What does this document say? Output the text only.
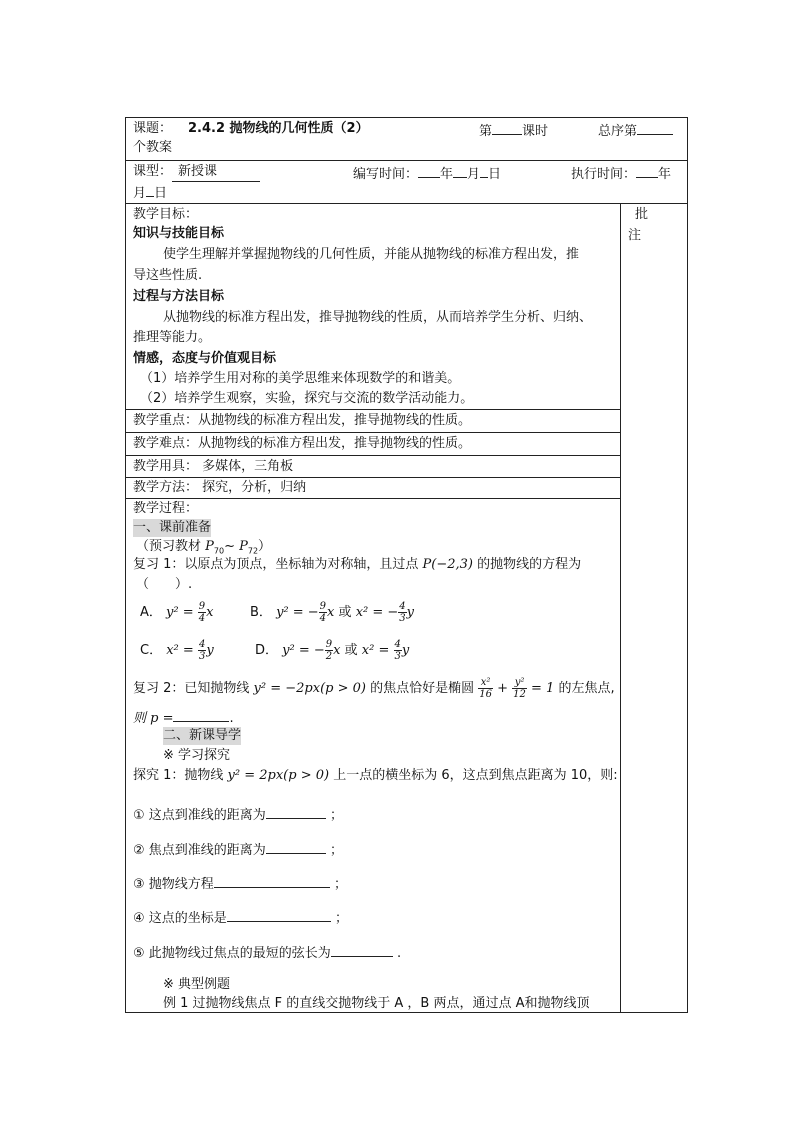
课题： 2.4.2 抛物线的几何性质（2）	第 课时	总序第
个教案
课型： 新授课	编写时间： 年 月 日	执行时间： 年
月 日
批
注
教学目标：
知识与技能目标
使学生理解并掌握抛物线的几何性质，并能从抛物线的标准方程出发，推
导这些性质.
过程与方法目标
从抛物线的标准方程出发，推导抛物线的性质，从而培养学生分析、归纳、
推理等能力。
情感，态度与价值观目标
（1）培养学生用对称的美学思维来体现数学的和谐美。
（2）培养学生观察，实验，探究与交流的数学活动能力。
教学重点：从抛物线的标准方程出发，推导抛物线的性质。
教学难点：从抛物线的标准方程出发，推导抛物线的性质。
教学用具： 多媒体，三角板
教学方法： 探究，分析，归纳
教学过程：
一、课前准备
（预习教材 $P_{70}\sim$ $P_{72}$）
复习 1：以原点为顶点，坐标轴为对称轴，且过点 P(−2,3) 的抛物线的方程为
（　　）.
A． $y^2 = \frac{9}{4}$ x	B． y² = − $\frac{9}{4}$ x 或 x² = − $\frac{4}{3}$ y
C． $x^2 = \frac{4}{3}$ y	D． y² = − $\frac{9}{2}$ x 或 $x^2 = \frac{4}{3}$ y
复习 2：已知抛物线 y² = −2px(p > 0) 的焦点恰好是椭圆 $\frac{\text{x²}}{16} + \frac{\text{y²}}{12} = 1$ 的左焦点,
则 p =	.
二、新课导学
※ 学习探究
探究 1：抛物线 y² = 2px(p > 0) 上一点的横坐标为 6，这点到焦点距离为 10，则:
① 这点到准线的距离为	；
② 焦点到准线的距离为	；
③ 抛物线方程	；
④ 这点的坐标是	；
⑤ 此抛物线过焦点的最短的弦长为	.
※ 典型例题
例 1 过抛物线焦点 F 的直线交抛物线于 A ，B 两点，通过点 A和抛物线顶
